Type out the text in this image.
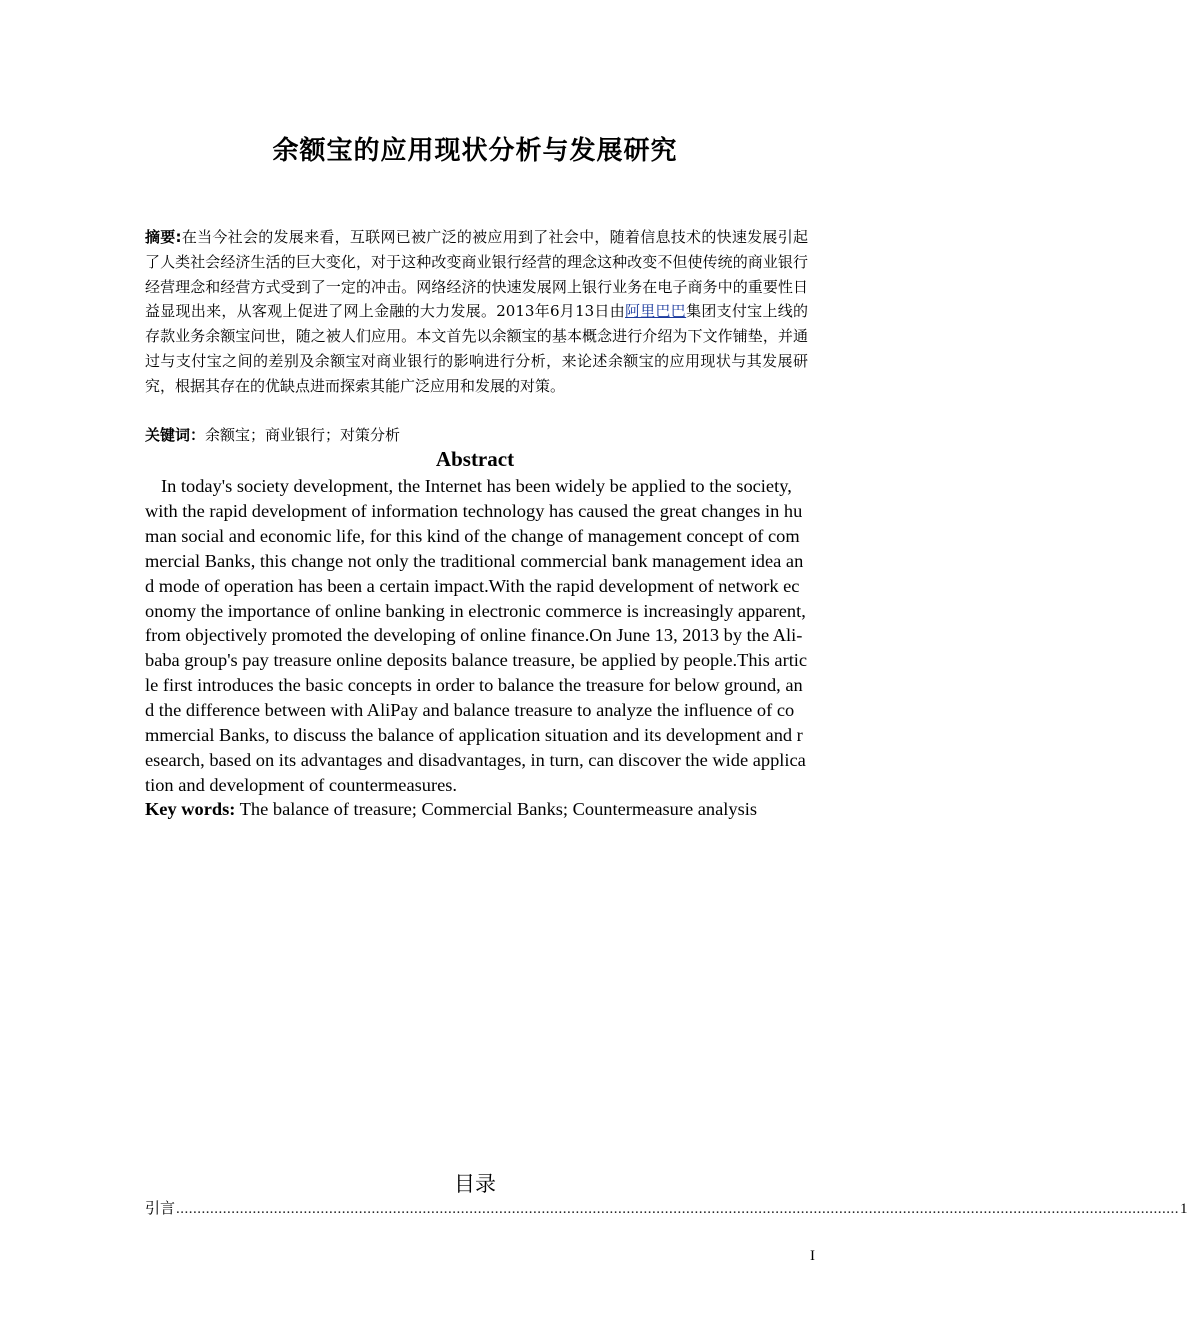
余额宝的应用现状分析与发展研究
摘要:在当今社会的发展来看，互联网已被广泛的被应用到了社会中，随着信息技术的快速发展引起了人类社会经济生活的巨大变化，对于这种改变商业银行经营的理念这种改变不但使传统的商业银行经营理念和经营方式受到了一定的冲击。网络经济的快速发展网上银行业务在电子商务中的重要性日益显现出来，从客观上促进了网上金融的大力发展。2013年6月13日由阿里巴巴集团支付宝上线的存款业务余额宝问世，随之被人们应用。本文首先以余额宝的基本概念进行介绍为下文作铺垫，并通过与支付宝之间的差别及余额宝对商业银行的影响进行分析，来论述余额宝的应用现状与其发展研究，根据其存在的优缺点进而探索其能广泛应用和发展的对策。
关键词：余额宝；商业银行；对策分析
Abstract
In today's society development, the Internet has been widely be applied to the society, with the rapid development of information technology has caused the great changes in human social and economic life, for this kind of the change of management concept of commercial Banks, this change not only the traditional commercial bank management idea and mode of operation has been a certain impact.With the rapid development of network economy the importance of online banking in electronic commerce is increasingly apparent, from objectively promoted the developing of online finance.On June 13, 2013 by the Ali- baba group's pay treasure online deposits balance treasure, be applied by people.This article first introduces the basic concepts in order to balance the treasure for below ground, and the difference between with AliPay and balance treasure to analyze the influence of commercial Banks, to discuss the balance of application situation and its development and research, based on its advantages and disadvantages, in turn, can discover the wide application and development of countermeasures.
Key words: The balance of treasure; Commercial Banks; Countermeasure analysis
目录
引言 ............................................................................................................................................................................................................................................ 1
I
